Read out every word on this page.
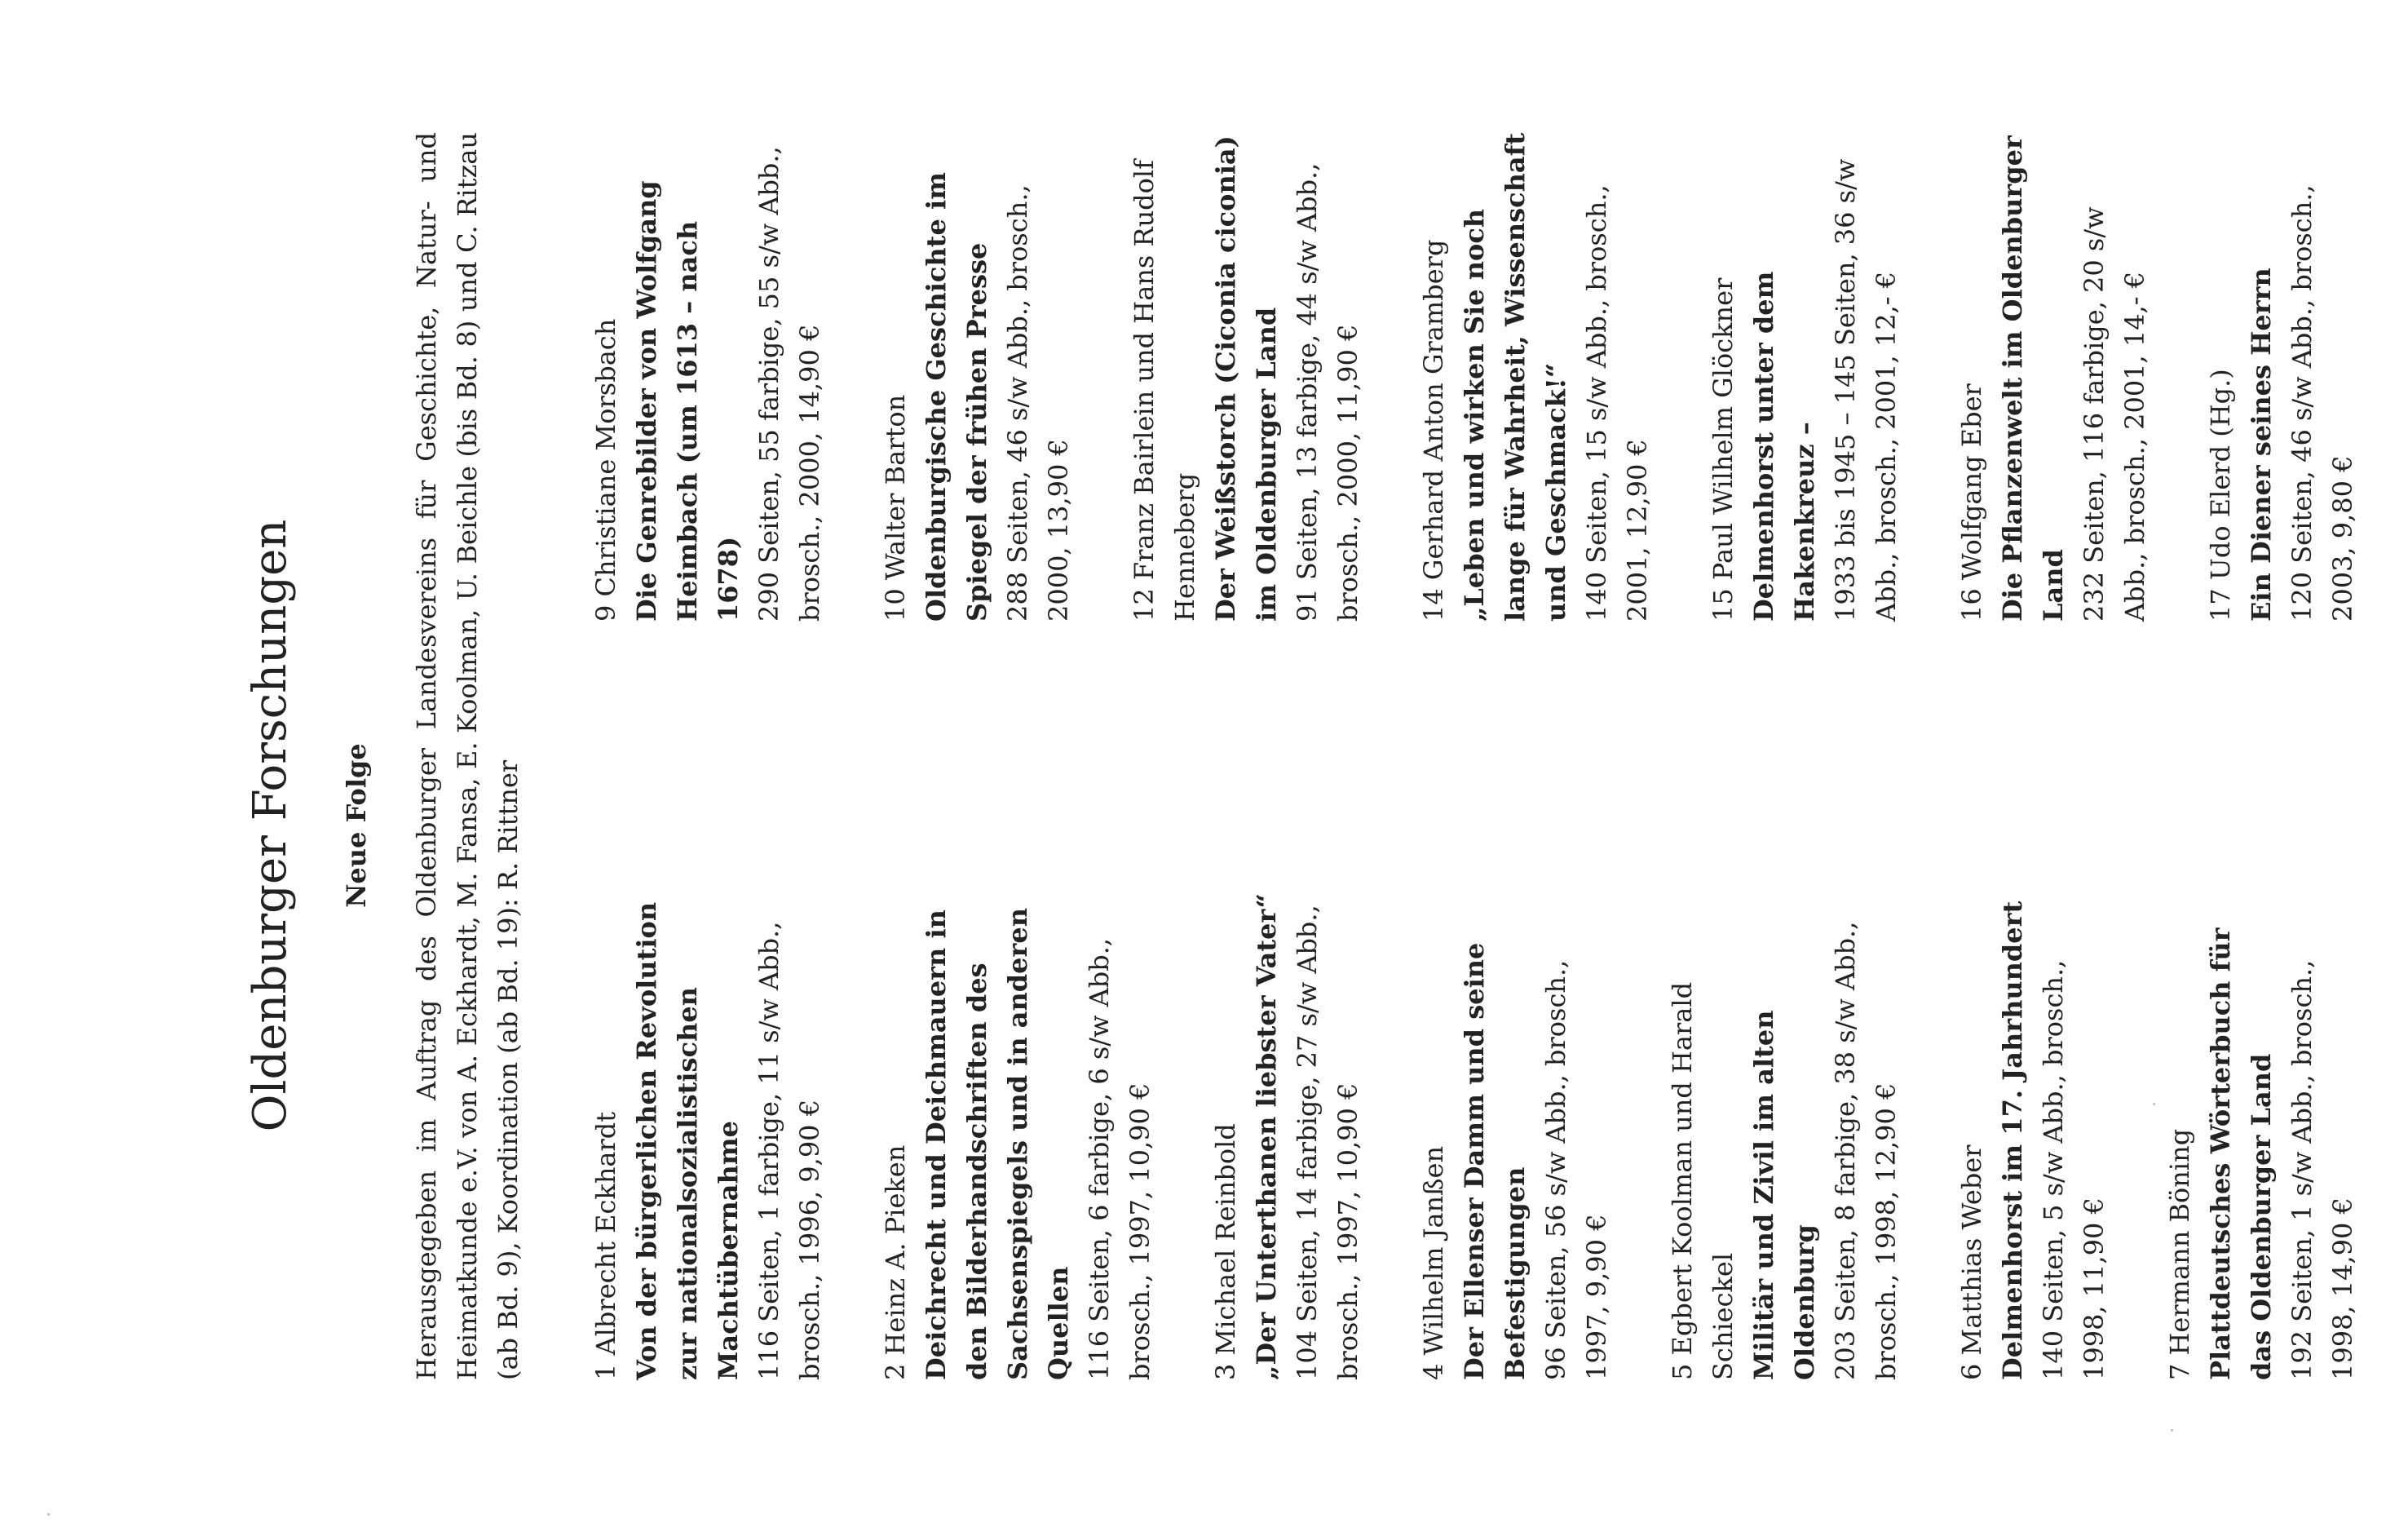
Oldenburger Forschungen Neue Folge Herausgegeben im Auftrag des Oldenburger Landesvereins für Geschichte, Natur- und Heimatkunde e.V. von A. Eckhardt, M. Fansa, E. Koolman, U. Beichle (bis Bd. 8) und C. Ritzau (ab Bd. 9), Koordination (ab Bd. 19): R. Rittner	1 Albrecht Eckhardt Von der bürgerlichen Revolution zur nationalsozialistischen Machtübernahme 116 Seiten, 1 farbige, 11 s/w Abb., brosch., 1996, 9,90 € 2 Heinz A. Pieken Deichrecht und Deichmauern in den Bilderhandschriften des Sachsenspiegels und in anderen Quellen 116 Seiten, 6 farbige, 6 s/w Abb., brosch., 1997, 10,90 € 3 Michael Reinbold „Der Unterthanen liebster Vater“ 104 Seiten, 14 farbige, 27 s/w Abb., brosch., 1997, 10,90 € 4 Wilhelm Janßen Der Ellenser Damm und seine Befestigungen 96 Seiten, 56 s/w Abb., brosch., 1997, 9,90 € 5 Egbert Koolman und Harald Schieckel Militär und Zivil im alten Oldenburg 203 Seiten, 8 farbige, 38 s/w Abb., brosch., 1998, 12,90 € 6 Matthias Weber Delmenhorst im 17. Jahrhundert 140 Seiten, 5 s/w Abb., brosch., 1998, 11,90 € 7 Hermann Böning Plattdeutsches Wörterbuch für das Oldenburger Land 192 Seiten, 1 s/w Abb., brosch., 1998, 14,90 €
9 Christiane Morsbach Die Genrebilder von Wolfgang Heimbach (um 1613 – nach 1678) 290 Seiten, 55 farbige, 55 s/w Abb., brosch., 2000, 14,90 € 10 Walter Barton Oldenburgische Geschichte im Spiegel der frühen Presse 288 Seiten, 46 s/w Abb., brosch., 2000, 13,90 € 12 Franz Bairlein und Hans Rudolf Henneberg Der Weißstorch (Ciconia ciconia) im Oldenburger Land 91 Seiten, 13 farbige, 44 s/w Abb., brosch., 2000, 11,90 € 14 Gerhard Anton Gramberg „Leben und wirken Sie noch lange für Wahrheit, Wissenschaft und Geschmack!“ 140 Seiten, 15 s/w Abb., brosch., 2001, 12,90 € 15 Paul Wilhelm Glöckner Delmenhorst unter dem Hakenkreuz – 1933 bis 1945 – 145 Seiten, 36 s/w Abb., brosch., 2001, 12,- € 16 Wolfgang Eber Die Pflanzenwelt im Oldenburger Land 232 Seiten, 116 farbige, 20 s/w Abb., brosch., 2001, 14,- € 17 Udo Elerd (Hg.) Ein Diener seines Herrn 120 Seiten, 46 s/w Abb., brosch., 2003, 9,80 €
